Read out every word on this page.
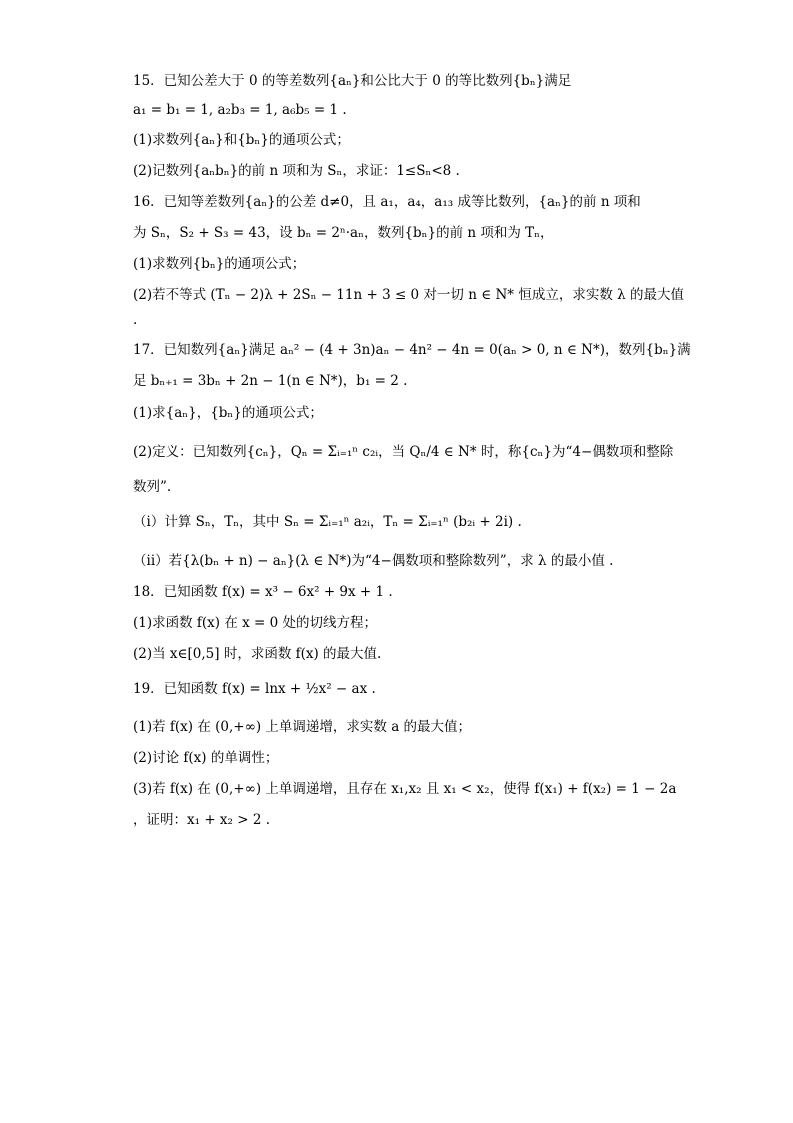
15．已知公差大于 0 的等差数列{aₙ}和公比大于 0 的等比数列{bₙ}满足
a₁ = b₁ = 1, a₂b₃ = 1, a₆b₅ = 1 .
(1)求数列{aₙ}和{bₙ}的通项公式；
(2)记数列{aₙbₙ}的前 n 项和为 Sₙ，求证：1≤Sₙ<8 .
16．已知等差数列{aₙ}的公差 d≠0，且 a₁，a₄，a₁₃ 成等比数列，{aₙ}的前 n 项和
为 Sₙ，S₂ + S₃ = 43，设 bₙ = 2ⁿ·aₙ，数列{bₙ}的前 n 项和为 Tₙ，
(1)求数列{bₙ}的通项公式；
(2)若不等式 (Tₙ − 2)λ + 2Sₙ − 11n + 3 ≤ 0 对一切 n ∈ N* 恒成立，求实数 λ 的最大值
.
17．已知数列{aₙ}满足 aₙ² − (4 + 3n)aₙ − 4n² − 4n = 0(aₙ > 0, n ∈ N*)，数列{bₙ}满
足 bₙ₊₁ = 3bₙ + 2n − 1(n ∈ N*)，b₁ = 2 .
(1)求{aₙ}，{bₙ}的通项公式；
(2)定义：已知数列{cₙ}，Qₙ = Σᵢ₌₁ⁿ c₂ᵢ，当 Qₙ/4 ∈ N* 时，称{cₙ}为“4−偶数项和整除
数列”.
（i）计算 Sₙ，Tₙ，其中 Sₙ = Σᵢ₌₁ⁿ a₂ᵢ，Tₙ = Σᵢ₌₁ⁿ (b₂ᵢ + 2i) .
（ii）若{λ(bₙ + n) − aₙ}(λ ∈ N*)为“4−偶数项和整除数列”，求 λ 的最小值 .
18．已知函数 f(x) = x³ − 6x² + 9x + 1 .
(1)求函数 f(x) 在 x = 0 处的切线方程；
(2)当 x∈[0,5] 时，求函数 f(x) 的最大值.
19．已知函数 f(x) = lnx + ½x² − ax .
(1)若 f(x) 在 (0,+∞) 上单调递增，求实数 a 的最大值；
(2)讨论 f(x) 的单调性；
(3)若 f(x) 在 (0,+∞) 上单调递增，且存在 x₁,x₂ 且 x₁ < x₂，使得 f(x₁) + f(x₂) = 1 − 2a
，证明：x₁ + x₂ > 2 .
